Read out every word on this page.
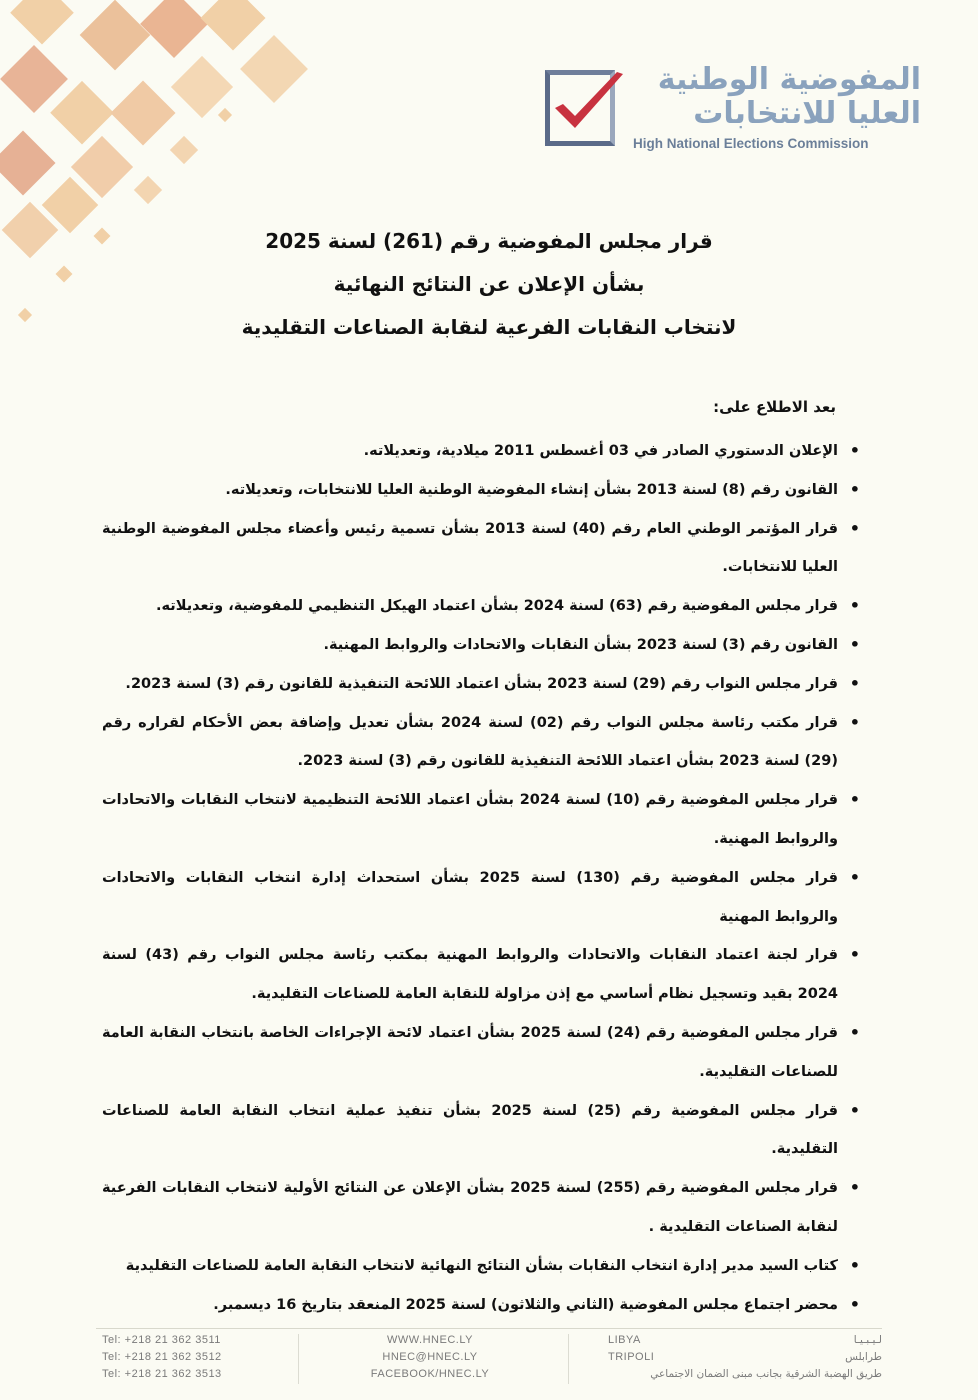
المفوضية الوطنية
العليا للانتخابات
High National Elections Commission
قرار مجلس المفوضية رقم (261) لسنة 2025
بشأن الإعلان عن النتائج النهائية
لانتخاب النقابات الفرعية لنقابة الصناعات التقليدية
بعد الاطلاع على:
• الإعلان الدستوري الصادر في 03 أغسطس 2011 ميلادية، وتعديلاته.
• القانون رقم (8) لسنة 2013 بشأن إنشاء المفوضية الوطنية العليا للانتخابات، وتعديلاته.
• قرار المؤتمر الوطني العام رقم (40) لسنة 2013 بشأن تسمية رئيس وأعضاء مجلس المفوضية الوطنية العليا للانتخابات.
• قرار مجلس المفوضية رقم (63) لسنة 2024 بشأن اعتماد الهيكل التنظيمي للمفوضية، وتعديلاته.
• القانون رقم (3) لسنة 2023 بشأن النقابات والاتحادات والروابط المهنية.
• قرار مجلس النواب رقم (29) لسنة 2023 بشأن اعتماد اللائحة التنفيذية للقانون رقم (3) لسنة 2023.
• قرار مكتب رئاسة مجلس النواب رقم (02) لسنة 2024 بشأن تعديل وإضافة بعض الأحكام لقراره رقم (29) لسنة 2023 بشأن اعتماد اللائحة التنفيذية للقانون رقم (3) لسنة 2023.
• قرار مجلس المفوضية رقم (10) لسنة 2024 بشأن اعتماد اللائحة التنظيمية لانتخاب النقابات والاتحادات والروابط المهنية.
• قرار مجلس المفوضية رقم (130) لسنة 2025 بشأن استحداث إدارة انتخاب النقابات والاتحادات والروابط المهنية
• قرار لجنة اعتماد النقابات والاتحادات والروابط المهنية بمكتب رئاسة مجلس النواب رقم (43) لسنة 2024 بقيد وتسجيل نظام أساسي مع إذن مزاولة للنقابة العامة للصناعات التقليدية.
• قرار مجلس المفوضية رقم (24) لسنة 2025 بشأن اعتماد لائحة الإجراءات الخاصة بانتخاب النقابة العامة للصناعات التقليدية.
• قرار مجلس المفوضية رقم (25) لسنة 2025 بشأن تنفيذ عملية انتخاب النقابة العامة للصناعات التقليدية.
• قرار مجلس المفوضية رقم (255) لسنة 2025 بشأن الإعلان عن النتائج الأولية لانتخاب النقابات الفرعية لنقابة الصناعات التقليدية .
• كتاب السيد مدير إدارة انتخاب النقابات بشأن النتائج النهائية لانتخاب النقابة العامة للصناعات التقليدية
• محضر اجتماع مجلس المفوضية (الثاني والثلاثون) لسنة 2025 المنعقد بتاريخ 16 ديسمبر.
Tel: +218 21 362 3511
Tel: +218 21 362 3512
Tel: +218 21 362 3513
WWW.HNEC.LY
HNEC@HNEC.LY
FACEBOOK/HNEC.LY
LIBYA
TRIPOLI
لـيـبـيـا
طرابلس
طريق الهضبة الشرقية بجانب مبنى الضمان الاجتماعي
